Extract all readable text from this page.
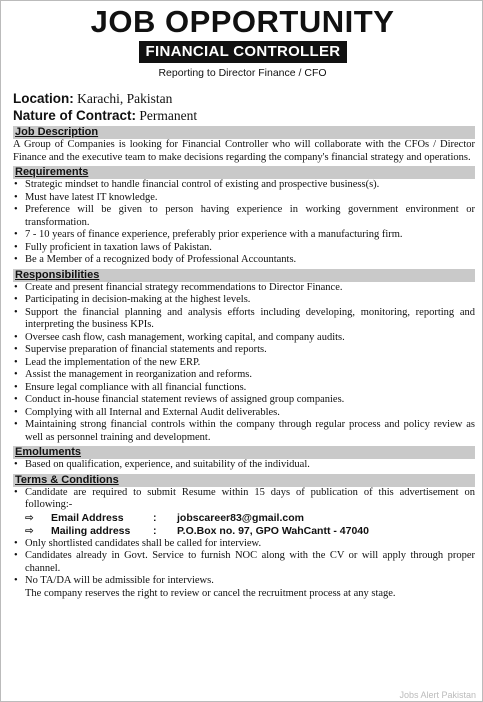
JOB OPPORTUNITY
FINANCIAL CONTROLLER
Reporting to Director Finance / CFO
Location: Karachi, Pakistan
Nature of Contract: Permanent
Job Description

A Group of Companies is looking for Financial Controller who will collaborate with the CFOs / Director Finance and the executive team to make decisions regarding the company's financial strategy and operations.

Requirements
• Strategic mindset to handle financial control of existing and prospective business(s).
• Must have latest IT knowledge.
• Preference will be given to person having experience in working government environment or transformation.
• 7 - 10 years of finance experience, preferably prior experience with a manufacturing firm.
• Fully proficient in taxation laws of Pakistan.
• Be a Member of a recognized body of Professional Accountants.
Responsibilities
• Create and present financial strategy recommendations to Director Finance.
• Participating in decision-making at the highest levels.
• Support the financial planning and analysis efforts including developing, monitoring, reporting and interpreting the business KPIs.
• Oversee cash flow, cash management, working capital, and company audits.
• Supervise preparation of financial statements and reports.
• Lead the implementation of the new ERP.
• Assist the management in reorganization and reforms.
• Ensure legal compliance with all financial functions.
• Conduct in-house financial statement reviews of assigned group companies.
• Complying with all Internal and External Audit deliverables.
• Maintaining strong financial controls within the company through regular process and policy review as well as personnel training and development.
Emoluments
• Based on qualification, experience, and suitability of the individual.
Terms & Conditions
• Candidate are required to submit Resume within 15 days of publication of this advertisement on following:-
⇨	Email Address	:	jobscareer83@gmail.com
⇨	Mailing address	:	P.O.Box no. 97, GPO WahCantt - 47040
• Only shortlisted candidates shall be called for interview.
• Candidates already in Govt. Service to furnish NOC along with the CV or will apply through proper channel.
• No TA/DA will be admissible for interviews.
The company reserves the right to review or cancel the recruitment process at any stage.
Jobs Alert Pakistan
